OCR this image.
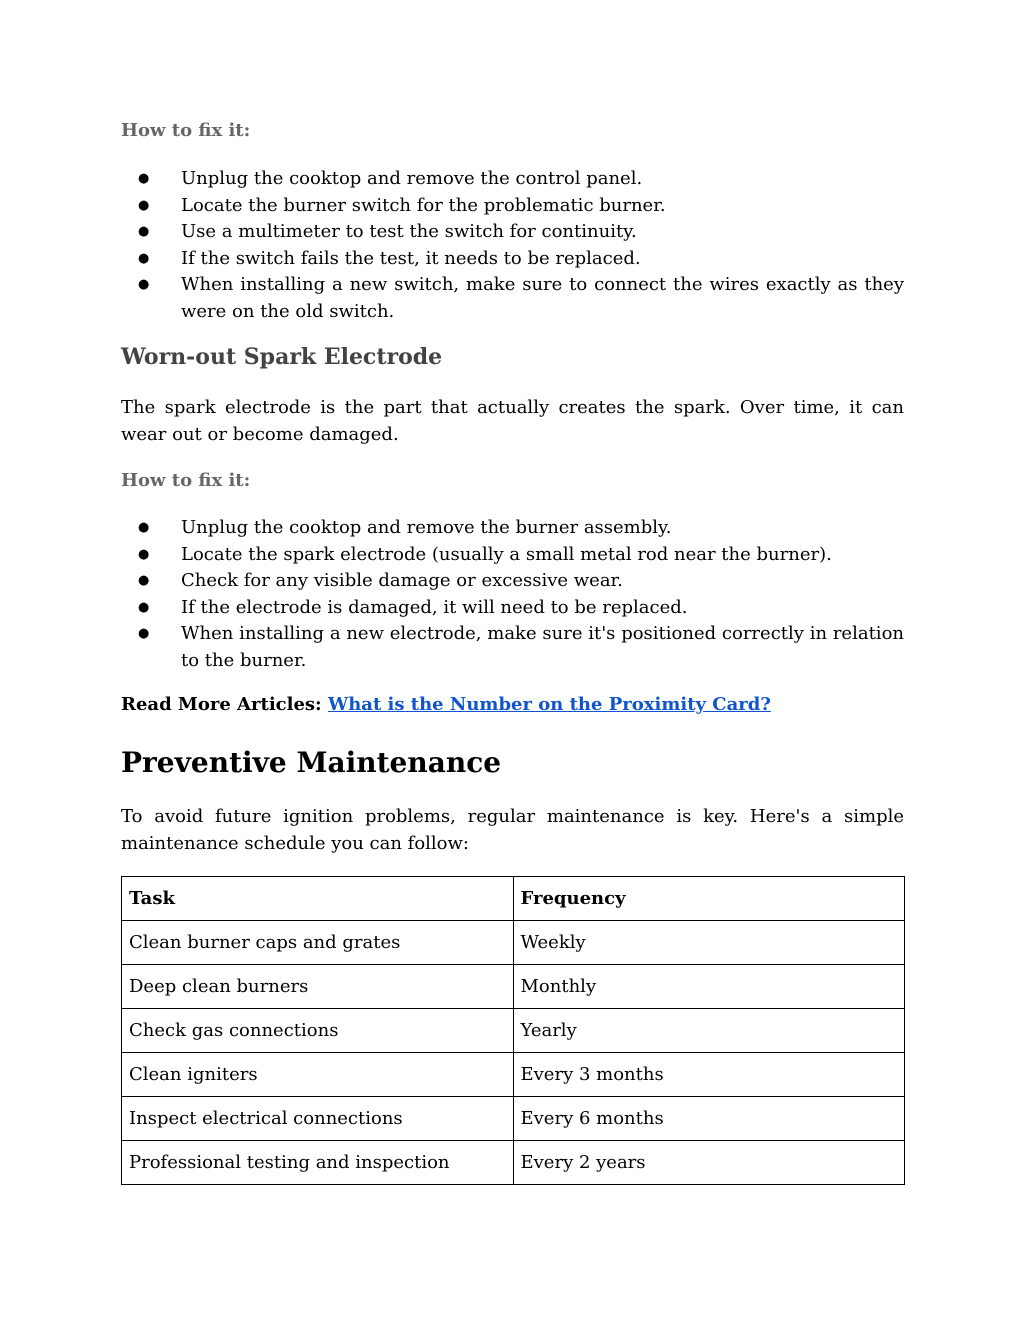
How to fix it:

● Unplug the cooktop and remove the control panel.
● Locate the burner switch for the problematic burner.
● Use a multimeter to test the switch for continuity.
● If the switch fails the test, it needs to be replaced.
● When installing a new switch, make sure to connect the wires exactly as they were on the old switch.
Worn-out Spark Electrode

The spark electrode is the part that actually creates the spark. Over time, it can wear out or become damaged.

How to fix it:

● Unplug the cooktop and remove the burner assembly.
● Locate the spark electrode (usually a small metal rod near the burner).
● Check for any visible damage or excessive wear.
● If the electrode is damaged, it will need to be replaced.
● When installing a new electrode, make sure it's positioned correctly in relation to the burner.

Read More Articles: What is the Number on the Proximity Card?

Preventive Maintenance

To avoid future ignition problems, regular maintenance is key. Here's a simple maintenance schedule you can follow:

Task	Frequency
Clean burner caps and grates	Weekly
Deep clean burners	Monthly
Check gas connections	Yearly
Clean igniters	Every 3 months
Inspect electrical connections	Every 6 months
Professional testing and inspection	Every 2 years
